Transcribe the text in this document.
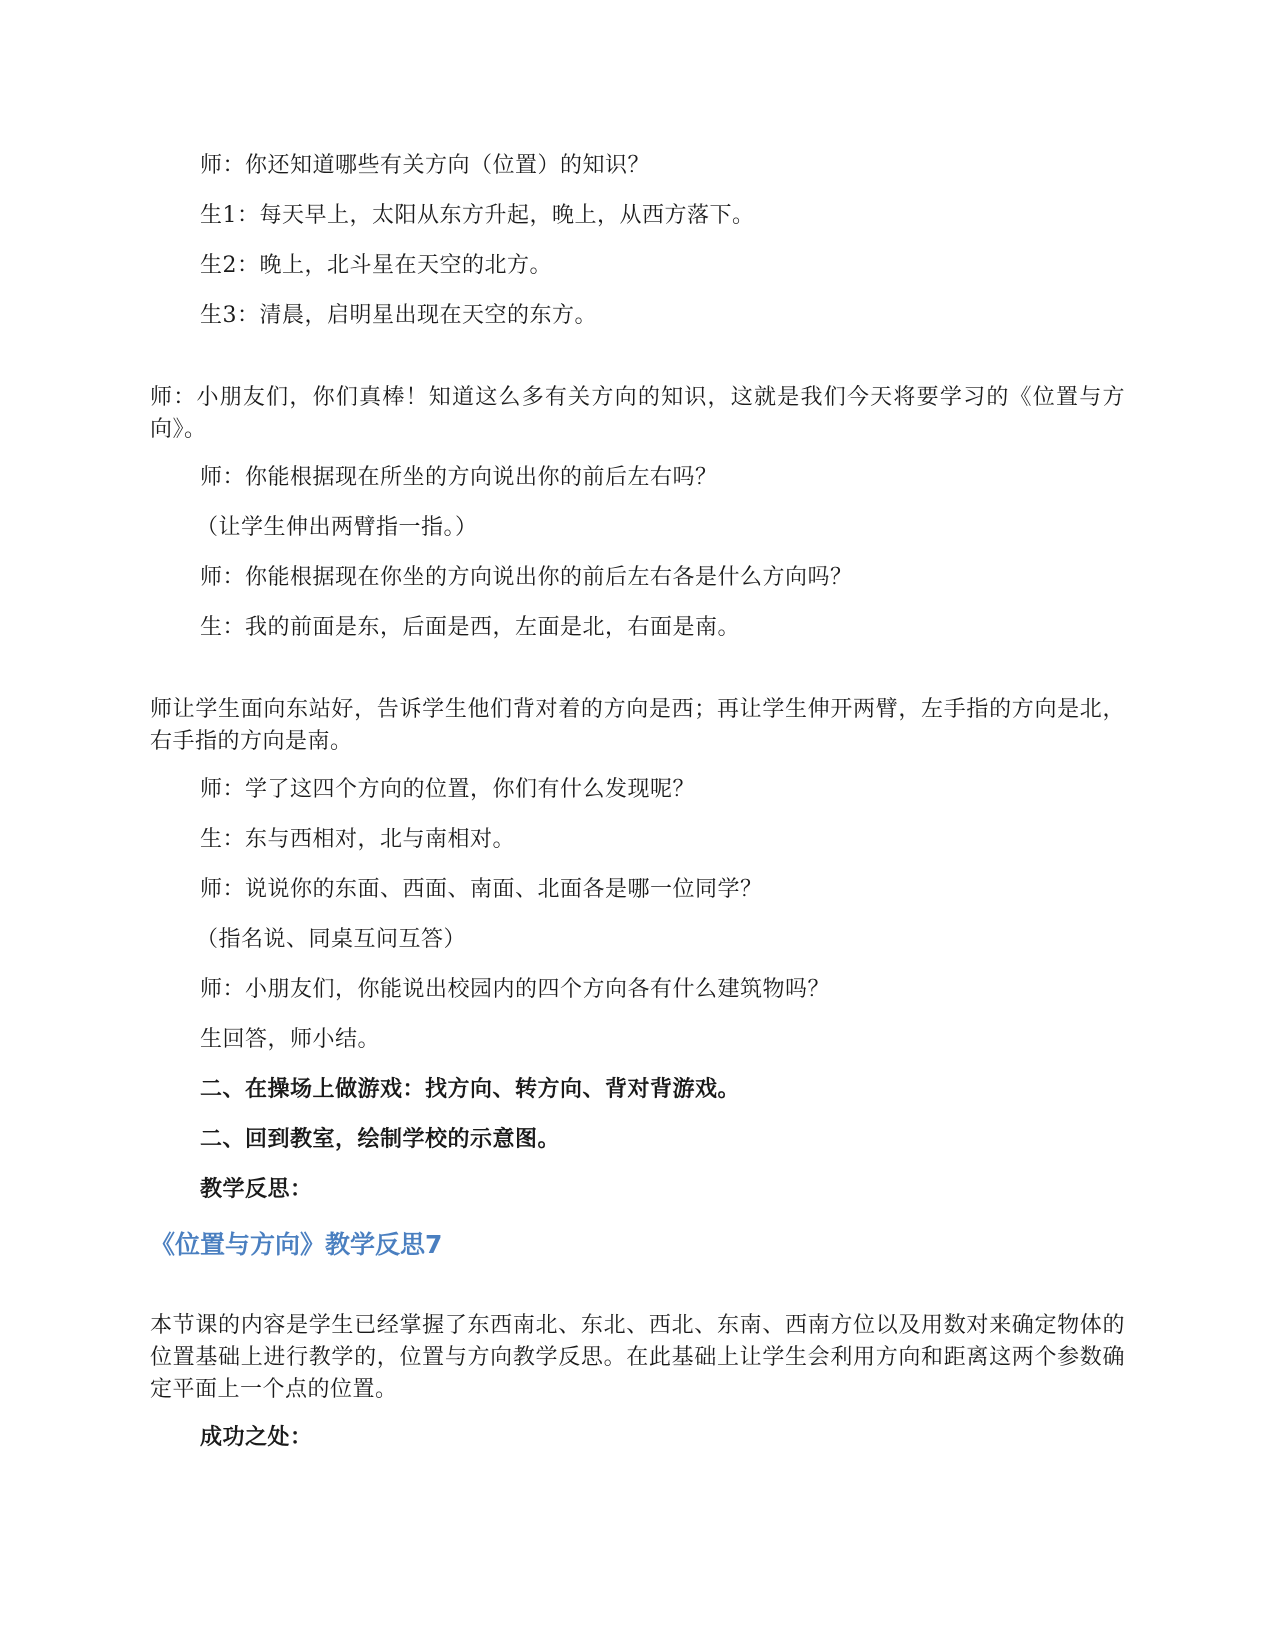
师：你还知道哪些有关方向（位置）的知识？
生1：每天早上，太阳从东方升起，晚上，从西方落下。
生2：晚上，北斗星在天空的北方。
生3：清晨，启明星出现在天空的东方。
师：小朋友们，你们真棒！知道这么多有关方向的知识，这就是我们今天将要学习的《位置与方向》。
师：你能根据现在所坐的方向说出你的前后左右吗？
（让学生伸出两臂指一指。）
师：你能根据现在你坐的方向说出你的前后左右各是什么方向吗？
生：我的前面是东，后面是西，左面是北，右面是南。
师让学生面向东站好，告诉学生他们背对着的方向是西；再让学生伸开两臂，左手指的方向是北，右手指的方向是南。
师：学了这四个方向的位置，你们有什么发现呢？
生：东与西相对，北与南相对。
师：说说你的东面、西面、南面、北面各是哪一位同学？
（指名说、同桌互问互答）
师：小朋友们，你能说出校园内的四个方向各有什么建筑物吗？
生回答，师小结。
二、在操场上做游戏：找方向、转方向、背对背游戏。
二、回到教室，绘制学校的示意图。
教学反思：
《位置与方向》教学反思7
本节课的内容是学生已经掌握了东西南北、东北、西北、东南、西南方位以及用数对来确定物体的位置基础上进行教学的，位置与方向教学反思。在此基础上让学生会利用方向和距离这两个参数确定平面上一个点的位置。
成功之处：
